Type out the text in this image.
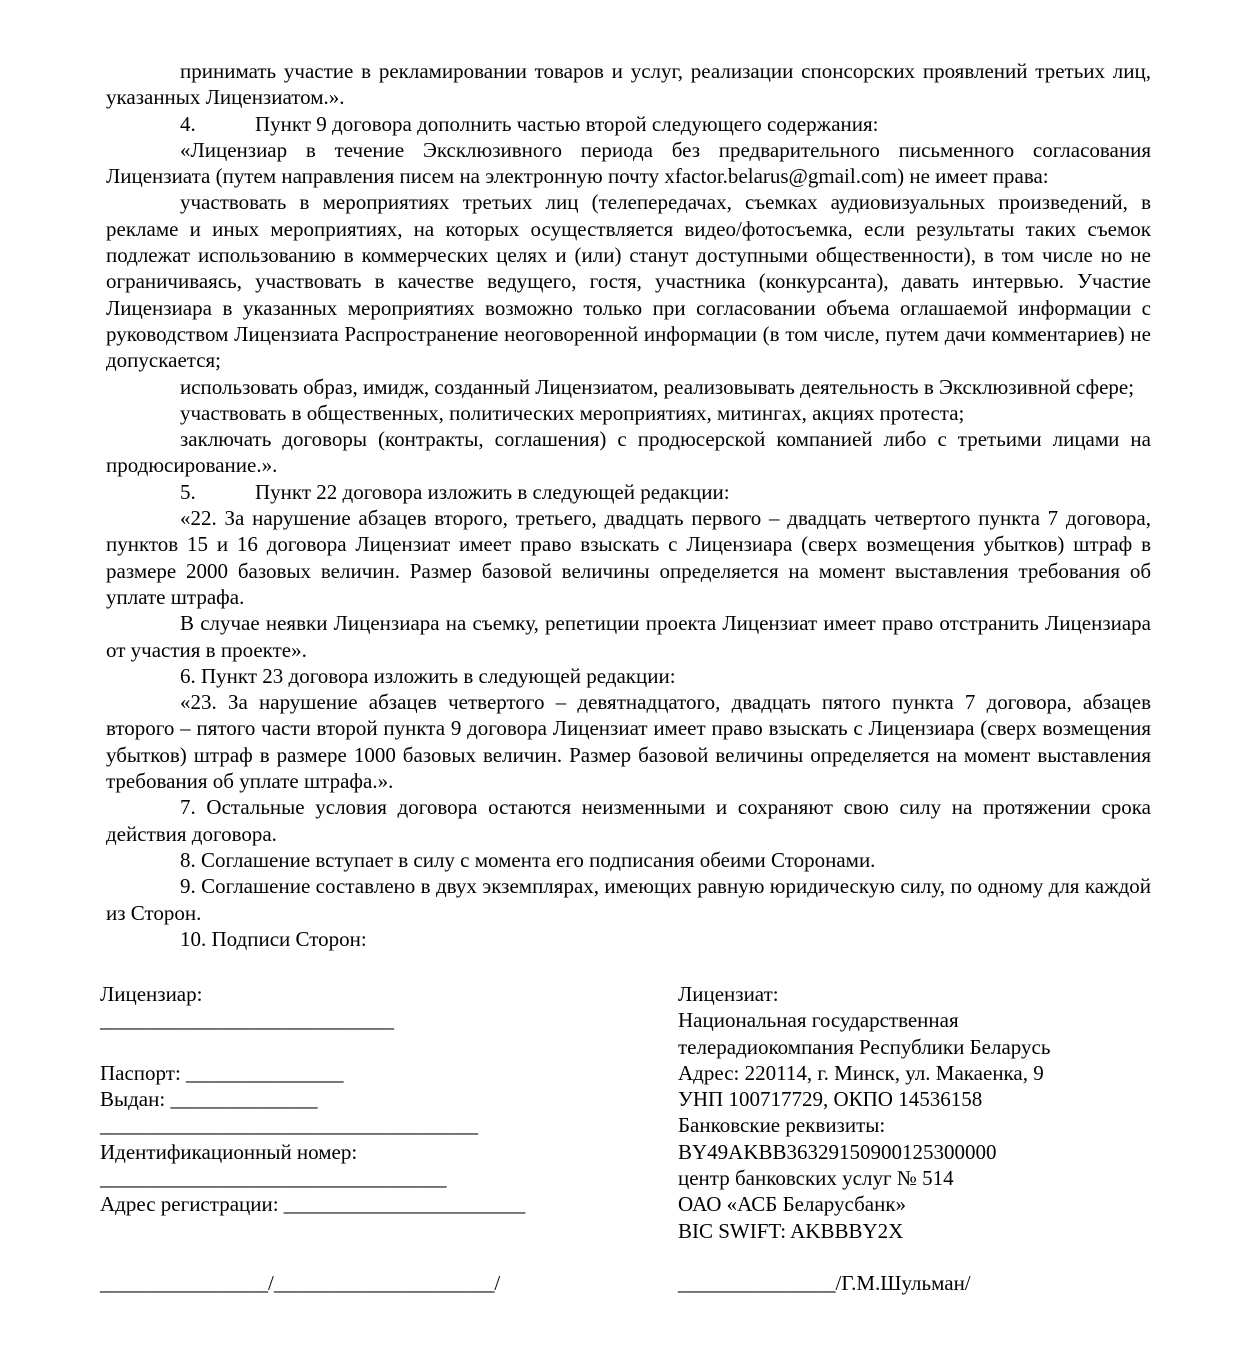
принимать участие в рекламировании товаров и услуг, реализации спонсорских проявлений третьих лиц, указанных Лицензиатом.».

4.	Пункт 9 договора дополнить частью второй следующего содержания:

«Лицензиар в течение Эксклюзивного периода без предварительного письменного согласования Лицензиата (путем направления писем на электронную почту xfactor.belarus@gmail.com) не имеет права:

участвовать в мероприятиях третьих лиц (телепередачах, съемках аудиовизуальных произведений, в рекламе и иных мероприятиях, на которых осуществляется видео/фотосъемка, если результаты таких съемок подлежат использованию в коммерческих целях и (или) станут доступными общественности), в том числе но не ограничиваясь, участвовать в качестве ведущего, гостя, участника (конкурсанта), давать интервью. Участие Лицензиара в указанных мероприятиях возможно только при согласовании объема оглашаемой информации с руководством Лицензиата Распространение неоговоренной информации (в том числе, путем дачи комментариев) не допускается;

использовать образ, имидж, созданный Лицензиатом, реализовывать деятельность в Эксклюзивной сфере;

участвовать в общественных, политических мероприятиях, митингах, акциях протеста;

заключать договоры (контракты, соглашения) с продюсерской компанией либо с третьими лицами на продюсирование.».

5.	Пункт 22 договора изложить в следующей редакции:

«22. За нарушение абзацев второго, третьего, двадцать первого – двадцать четвертого пункта 7 договора, пунктов 15 и 16 договора Лицензиат имеет право взыскать с Лицензиара (сверх возмещения убытков) штраф в размере 2000 базовых величин. Размер базовой величины определяется на момент выставления требования об уплате штрафа.

В случае неявки Лицензиара на съемку, репетиции проекта Лицензиат имеет право отстранить Лицензиара от участия в проекте».

6. Пункт 23 договора изложить в следующей редакции:

«23. За нарушение абзацев четвертого – девятнадцатого, двадцать пятого пункта 7 договора, абзацев второго – пятого части второй пункта 9 договора Лицензиат имеет право взыскать с Лицензиара (сверх возмещения убытков) штраф в размере 1000 базовых величин. Размер базовой величины определяется на момент выставления требования об уплате штрафа.».

7. Остальные условия договора остаются неизменными и сохраняют свою силу на протяжении срока действия договора.

8. Соглашение вступает в силу с момента его подписания обеими Сторонами.

9. Соглашение составлено в двух экземплярах, имеющих равную юридическую силу, по одному для каждой из Сторон.

10. Подписи Сторон:

Лицензиар:
____________________________
Паспорт: _______________
Выдан: ______________
____________________________________
Идентификационный номер:
_________________________________
Адрес регистрации: _______________________
________________/_____________________/
Лицензиат:
Национальная государственная
телерадиокомпания Республики Беларусь
Адрес: 220114, г. Минск, ул. Макаенка, 9
УНП 100717729, ОКПО 14536158
Банковские реквизиты:
BY49AKBB36329150900125300000
центр банковских услуг № 514
ОАО «АСБ Беларусбанк»
BIC SWIFT: AKBBBY2X
_______________/Г.М.Шульман/
